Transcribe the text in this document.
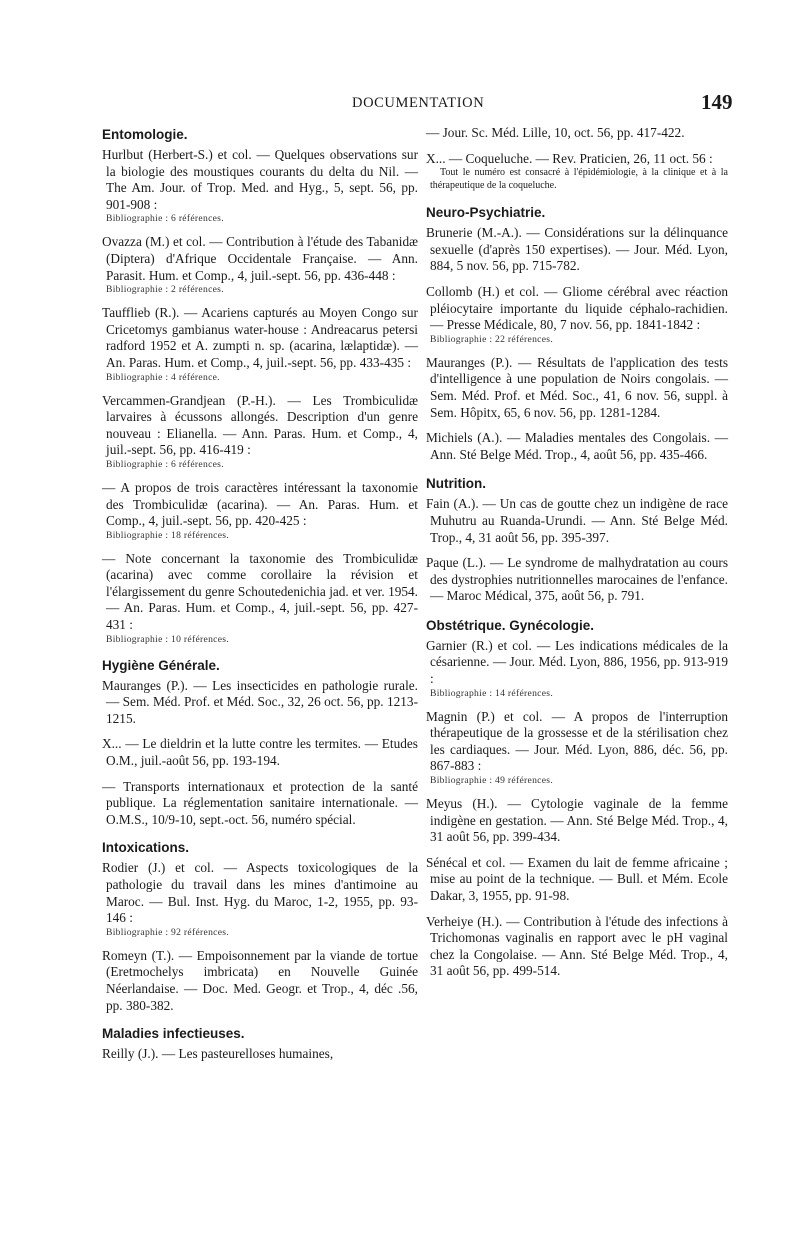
DOCUMENTATION	149
Entomologie.
Hurlbut (Herbert-S.) et col. — Quelques observations sur la biologie des moustiques courants du delta du Nil. — The Am. Jour. of Trop. Med. and Hyg., 5, sept. 56, pp. 901-908 :
Bibliographie : 6 références.
Ovazza (M.) et col. — Contribution à l'étude des Tabanidæ (Diptera) d'Afrique Occidentale Française. — Ann. Parasit. Hum. et Comp., 4, juil.-sept. 56, pp. 436-448 :
Bibliographie : 2 références.
Tauffliеb (R.). — Acariens capturés au Moyen Congo sur Cricetomys gambianus water-house : Andreacarus petersi radford 1952 et A. zumpti n. sp. (acarina, lælaptidæ). — An. Paras. Hum. et Comp., 4, juil.-sept. 56, pp. 433-435 :
Bibliographie : 4 référence.
Vercammen-Grandjean (P.-H.). — Les Trombiculidæ larvaires à écussons allongés. Description d'un genre nouveau : Elianella. — Ann. Paras. Hum. et Comp., 4, juil.-sept. 56, pp. 416-419 :
Bibliographie : 6 références.
— A propos de trois caractères intéressant la taxonomie des Trombiculidæ (acarina). — An. Paras. Hum. et Comp., 4, juil.-sept. 56, pp. 420-425 :
Bibliographie : 18 références.
— Note concernant la taxonomie des Trombiculidæ (acarina) avec comme corollaire la révision et l'élargissement du genre Schoutedenichia jad. et ver. 1954. — An. Paras. Hum. et Comp., 4, juil.-sept. 56, pp. 427-431 :
Bibliographie : 10 références.
Hygiène Générale.
Mauranges (P.). — Les insecticides en pathologie rurale. — Sem. Méd. Prof. et Méd. Soc., 32, 26 oct. 56, pp. 1213-1215.
X... — Le dieldrin et la lutte contre les termites. — Etudes O.M., juil.-août 56, pp. 193-194.
— Transports internationaux et protection de la santé publique. La réglementation sanitaire internationale. — O.M.S., 10/9-10, sept.-oct. 56, numéro spécial.
Intoxications.
Rodier (J.) et col. — Aspects toxicologiques de la pathologie du travail dans les mines d'antimoine au Maroc. — Bul. Inst. Hyg. du Maroc, 1-2, 1955, pp. 93-146 :
Bibliographie : 92 références.
Romeyn (T.). — Empoisonnement par la viande de tortue (Eretmochelys imbricata) en Nouvelle Guinée Néerlandaise. — Doc. Med. Geogr. et Trop., 4, déc .56, pp. 380-382.
Maladies infectieuses.
Reilly (J.). — Les pasteurelloses humaines,
— Jour. Sc. Méd. Lille, 10, oct. 56, pp. 417-422.
X... — Coqueluche. — Rev. Praticien, 26, 11 oct. 56 :
Tout le numéro est consacré à l'épidémiologie, à la clinique et à la thérapeutique de la coqueluche.
Neuro-Psychiatrie.
Brunerie (M.-A.). — Considérations sur la délinquance sexuelle (d'après 150 expertises). — Jour. Méd. Lyon, 884, 5 nov. 56, pp. 715-782.
Collomb (H.) et col. — Gliome cérébral avec réaction pléiocytaire importante du liquide céphalo-rachidien. — Presse Médicale, 80, 7 nov. 56, pp. 1841-1842 :
Bibliographie : 22 références.
Mauranges (P.). — Résultats de l'application des tests d'intelligence à une population de Noirs congolais. — Sem. Méd. Prof. et Méd. Soc., 41, 6 nov. 56, suppl. à Sem. Hôpitx, 65, 6 nov. 56, pp. 1281-1284.
Michiels (A.). — Maladies mentales des Congolais. — Ann. Sté Belge Méd. Trop., 4, août 56, pp. 435-466.
Nutrition.
Fain (A.). — Un cas de goutte chez un indigène de race Muhutru au Ruanda-Urundi. — Ann. Sté Belge Méd. Trop., 4, 31 août 56, pp. 395-397.
Paque (L.). — Le syndrome de malhydratation au cours des dystrophies nutritionnelles marocaines de l'enfance. — Maroc Médical, 375, août 56, p. 791.
Obstétrique. Gynécologie.
Garnier (R.) et col. — Les indications médicales de la césarienne. — Jour. Méd. Lyon, 886, 1956, pp. 913-919 :
Bibliographie : 14 références.
Magnin (P.) et col. — A propos de l'interruption thérapeutique de la grossesse et de la stérilisation chez les cardiaques. — Jour. Méd. Lyon, 886, déc. 56, pp. 867-883 :
Bibliographie : 49 références.
Meyus (H.). — Cytologie vaginale de la femme indigène en gestation. — Ann. Sté Belge Méd. Trop., 4, 31 août 56, pp. 399-434.
Sénécal et col. — Examen du lait de femme africaine ; mise au point de la technique. — Bull. et Mém. Ecole Dakar, 3, 1955, pp. 91-98.
Verheiye (H.). — Contribution à l'étude des infections à Trichomonas vaginalis en rapport avec le pH vaginal chez la Congolaise. — Ann. Sté Belge Méd. Trop., 4, 31 août 56, pp. 499-514.
